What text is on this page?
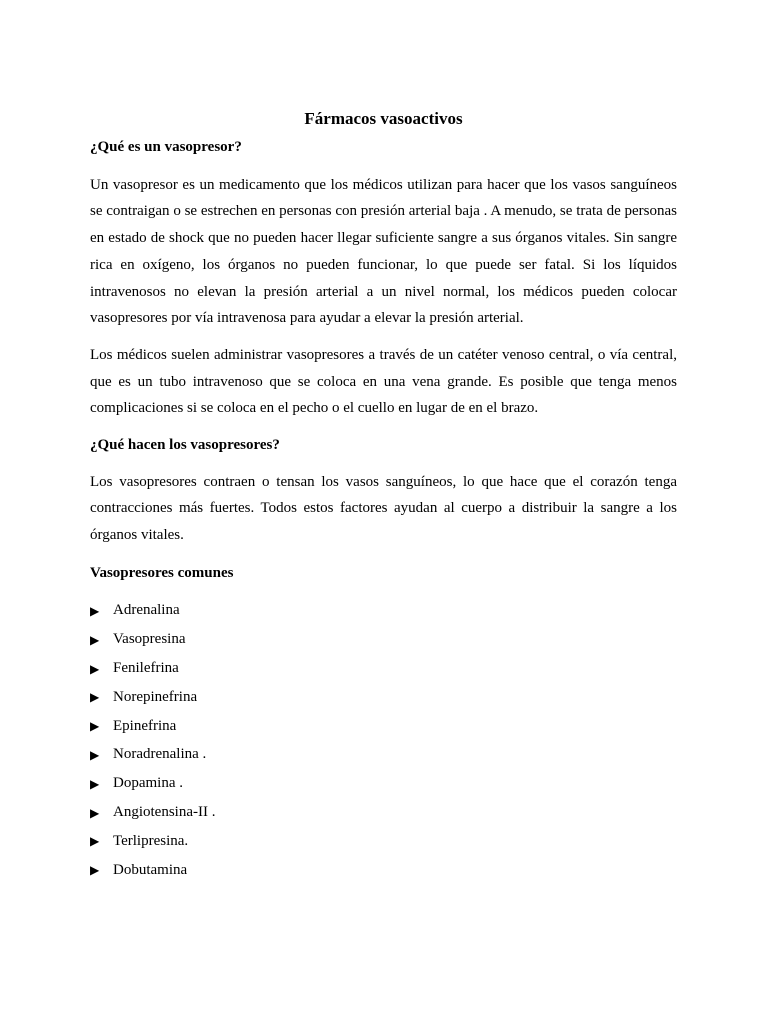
Fármacos vasoactivos

¿Qué es un vasopresor?

Un vasopresor es un medicamento que los médicos utilizan para hacer que los vasos sanguíneos se contraigan o se estrechen en personas con presión arterial baja . A menudo, se trata de personas en estado de shock que no pueden hacer llegar suficiente sangre a sus órganos vitales. Sin sangre rica en oxígeno, los órganos no pueden funcionar, lo que puede ser fatal. Si los líquidos intravenosos no elevan la presión arterial a un nivel normal, los médicos pueden colocar vasopresores por vía intravenosa para ayudar a elevar la presión arterial.

Los médicos suelen administrar vasopresores a través de un catéter venoso central, o vía central, que es un tubo intravenoso que se coloca en una vena grande. Es posible que tenga menos complicaciones si se coloca en el pecho o el cuello en lugar de en el brazo.

¿Qué hacen los vasopresores?

Los vasopresores contraen o tensan los vasos sanguíneos, lo que hace que el corazón tenga contracciones más fuertes. Todos estos factores ayudan al cuerpo a distribuir la sangre a los órganos vitales.

Vasopresores comunes

▶ Adrenalina
▶ Vasopresina
▶ Fenilefrina
▶ Norepinefrina
▶ Epinefrina
▶ Noradrenalina .
▶ Dopamina .
▶ Angiotensina-II .
▶ Terlipresina.
▶ Dobutamina
